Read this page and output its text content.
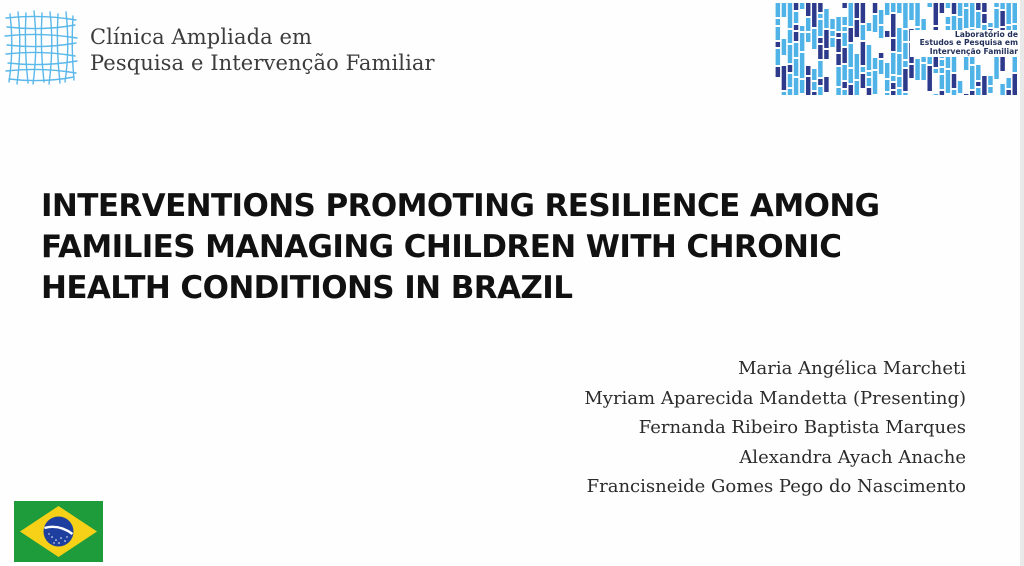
Clínica Ampliada em
Pesquisa e Intervenção Familiar
Laboratório de
Estudos e Pesquisa em
Intervenção Familiar
INTERVENTIONS PROMOTING RESILIENCE AMONG
FAMILIES MANAGING CHILDREN WITH CHRONIC
HEALTH CONDITIONS IN BRAZIL
Maria Angélica Marcheti
Myriam Aparecida Mandetta (Presenting)
Fernanda Ribeiro Baptista Marques
Alexandra Ayach Anache
Francisneide Gomes Pego do Nascimento
